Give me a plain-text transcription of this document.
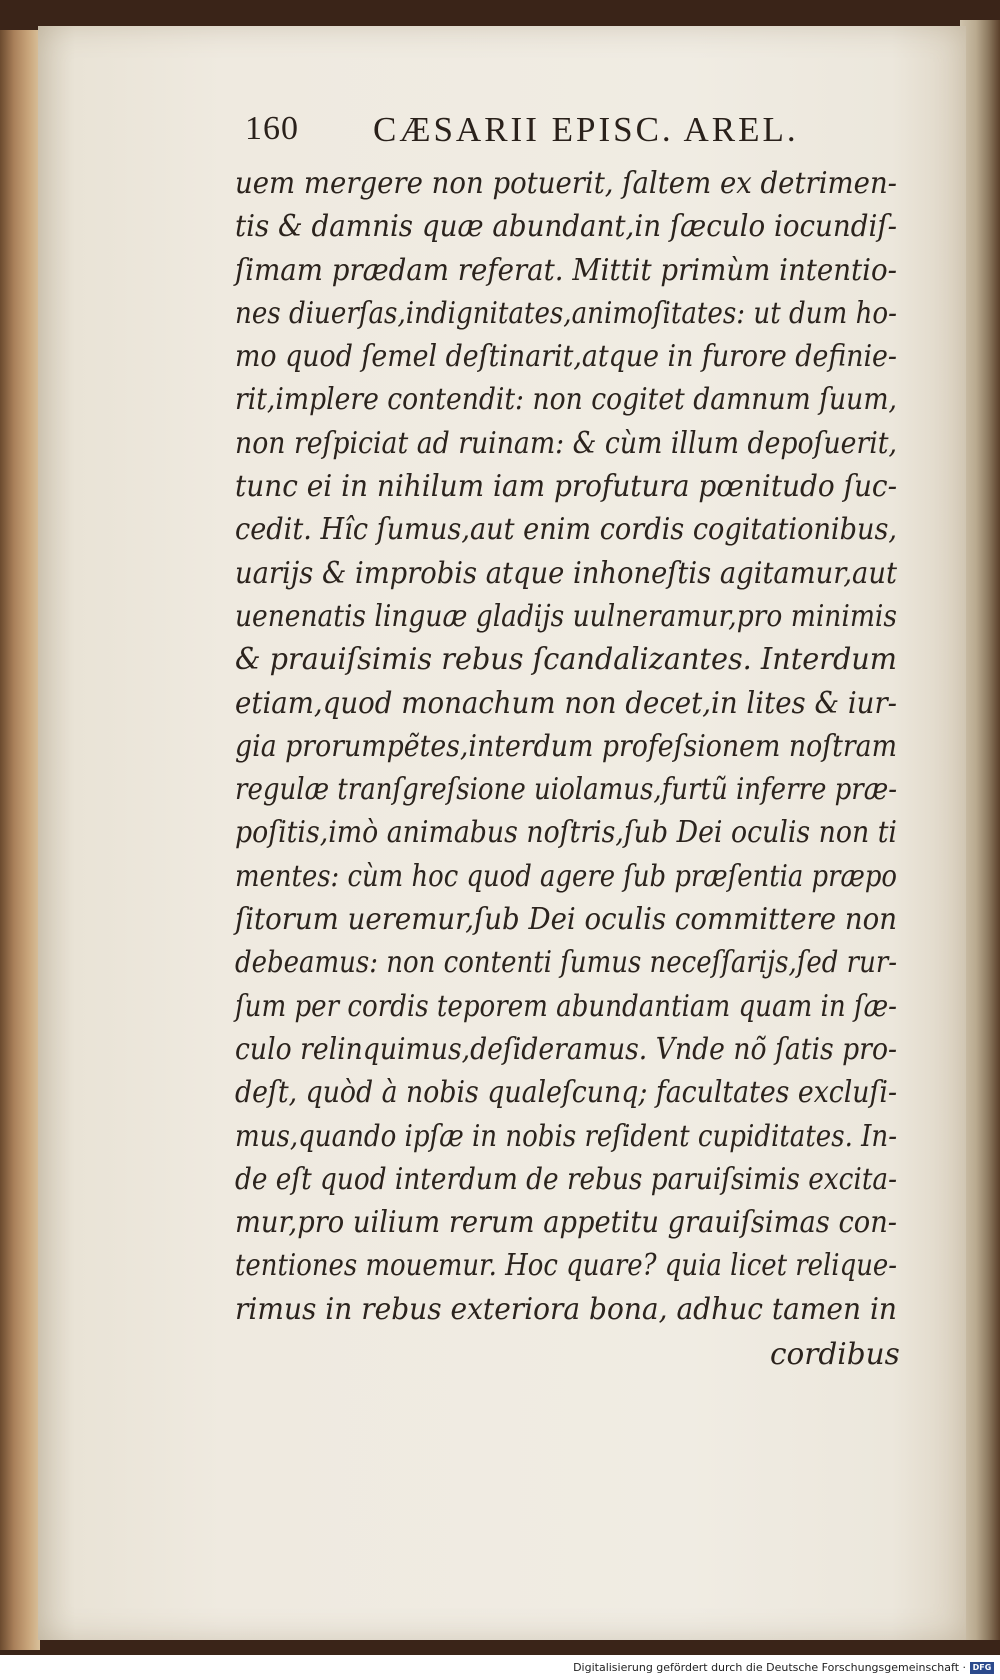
160 CÆSARII EPISC. AREL.
uem mergere non potuerit, ſaltem ex detrimen-
tis & damnis quæ abundant,in ſæculo iocundiſ-
ſimam prædam referat. Mittit primùm intentio-
nes diuerſas,indignitates,animoſitates: ut dum ho-
mo quod ſemel deſtinarit,atque in furore definie-
rit,implere contendit: non cogitet damnum ſuum,
non reſpiciat ad ruinam: & cùm illum depoſuerit,
tunc ei in nihilum iam profutura pœnitudo ſuc-
cedit. Hîc ſumus,aut enim cordis cogitationibus,
uarijs & improbis atque inhoneſtis agitamur,aut
uenenatis linguæ gladijs uulneramur,pro minimis
& prauiſsimis rebus ſcandalizantes. Interdum
etiam,quod monachum non decet,in lites & iur-
gia prorumpẽtes,interdum profeſsionem noſtram
regulæ tranſgreſsione uiolamus,furtũ inferre præ-
poſitis,imò animabus noſtris,ſub Dei oculis non ti
mentes: cùm hoc quod agere ſub præſentia præpo
ſitorum ueremur,ſub Dei oculis committere non
debeamus: non contenti ſumus neceſſarijs,ſed rur-
ſum per cordis teporem abundantiam quam in ſæ-
culo relinquimus,deſideramus. Vnde nõ ſatis pro-
deſt, quòd à nobis qualeſcunq; facultates excluſi-
mus,quando ipſæ in nobis reſident cupiditates. In-
de eſt quod interdum de rebus paruiſsimis excita-
mur,pro uilium rerum appetitu grauiſsimas con-
tentiones mouemur. Hoc quare? quia licet relique-
rimus in rebus exteriora bona, adhuc tamen in
cordibus
Digitalisierung gefördert durch die Deutsche Forschungsgemeinschaft · DFG
